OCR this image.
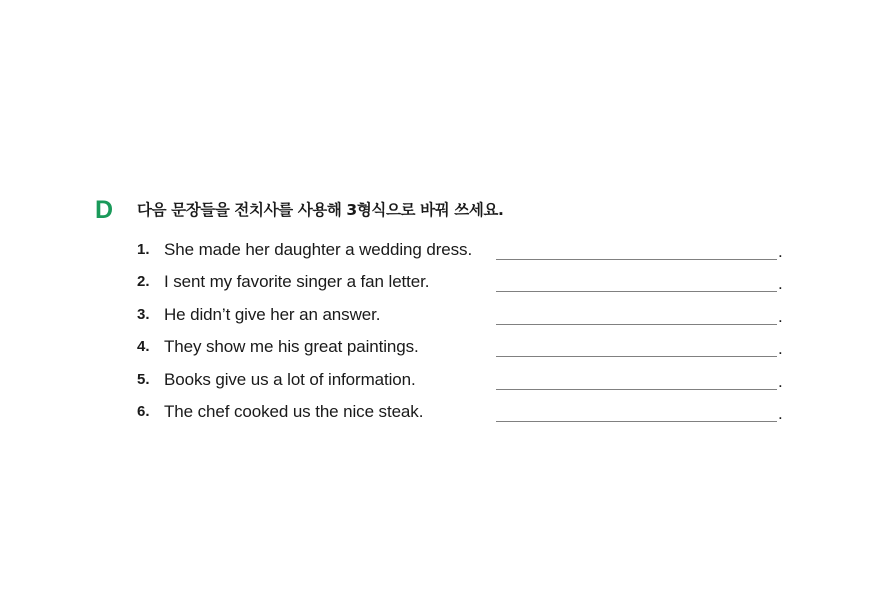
D 다음 문장들을 전치사를 사용해 3형식으로 바꿔 쓰세요.
1. She made her daughter a wedding dress.	.
2. I sent my favorite singer a fan letter.	.
3. He didn’t give her an answer.	.
4. They show me his great paintings.	.
5. Books give us a lot of information.	.
6. The chef cooked us the nice steak.	.
